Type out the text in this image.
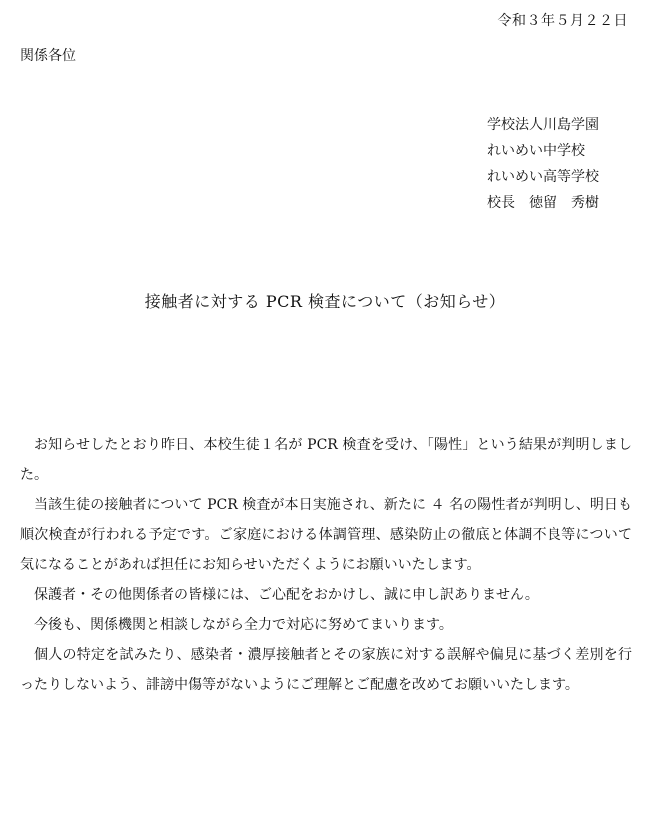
令和３年５月２２日
関係各位
学校法人川島学園
れいめい中学校
れいめい高等学校
校長　徳留　秀樹
接触者に対する PCR 検査について（お知らせ）

お知らせしたとおり昨日、本校生徒１名が PCR 検査を受け、「陽性」という結果が判明しました。

当該生徒の接触者について PCR 検査が本日実施され、新たに ４ 名の陽性者が判明し、明日も順次検査が行われる予定です。ご家庭における体調管理、感染防止の徹底と体調不良等について気になることがあれば担任にお知らせいただくようにお願いいたします。

保護者・その他関係者の皆様には、ご心配をおかけし、誠に申し訳ありません。

今後も、関係機関と相談しながら全力で対応に努めてまいります。

個人の特定を試みたり、感染者・濃厚接触者とその家族に対する誤解や偏見に基づく差別を行ったりしないよう、誹謗中傷等がないようにご理解とご配慮を改めてお願いいたします。
